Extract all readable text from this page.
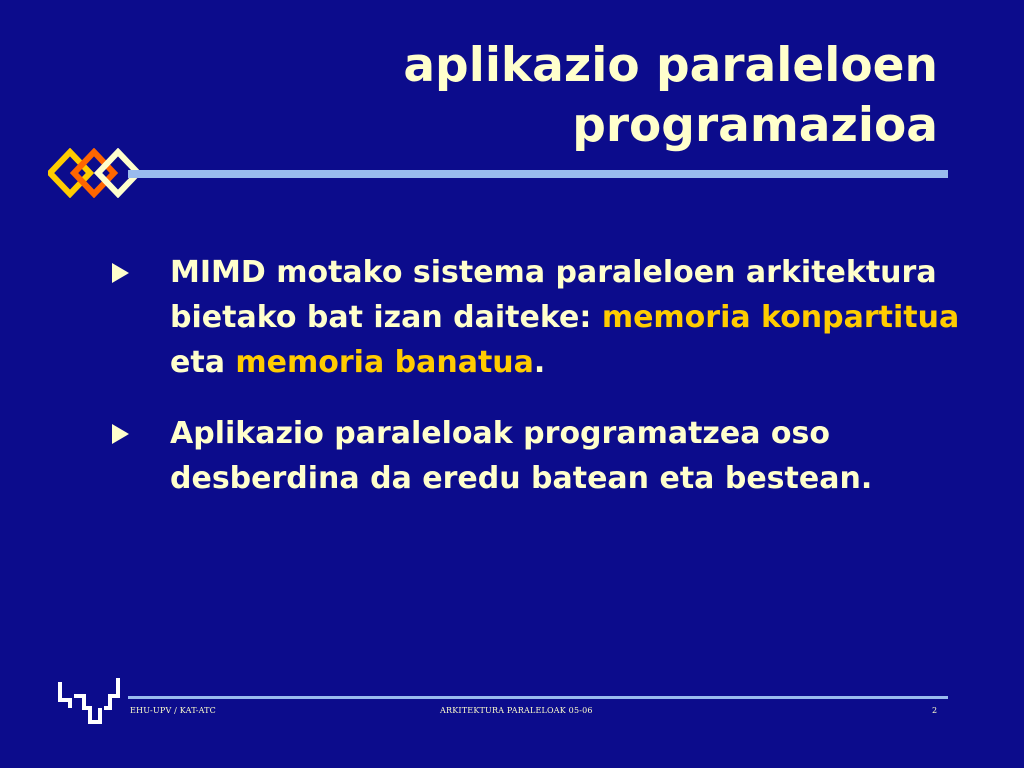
aplikazio paraleloen
programazioa
MIMD motako sistema paraleloen arkitektura bietako bat izan daiteke: memoria konpartitua eta memoria banatua.
Aplikazio paraleloak programatzea oso desberdina da eredu batean eta bestean.
EHU-UPV / KAT-ATC	ARKITEKTURA PARALELOAK 05-06	2
